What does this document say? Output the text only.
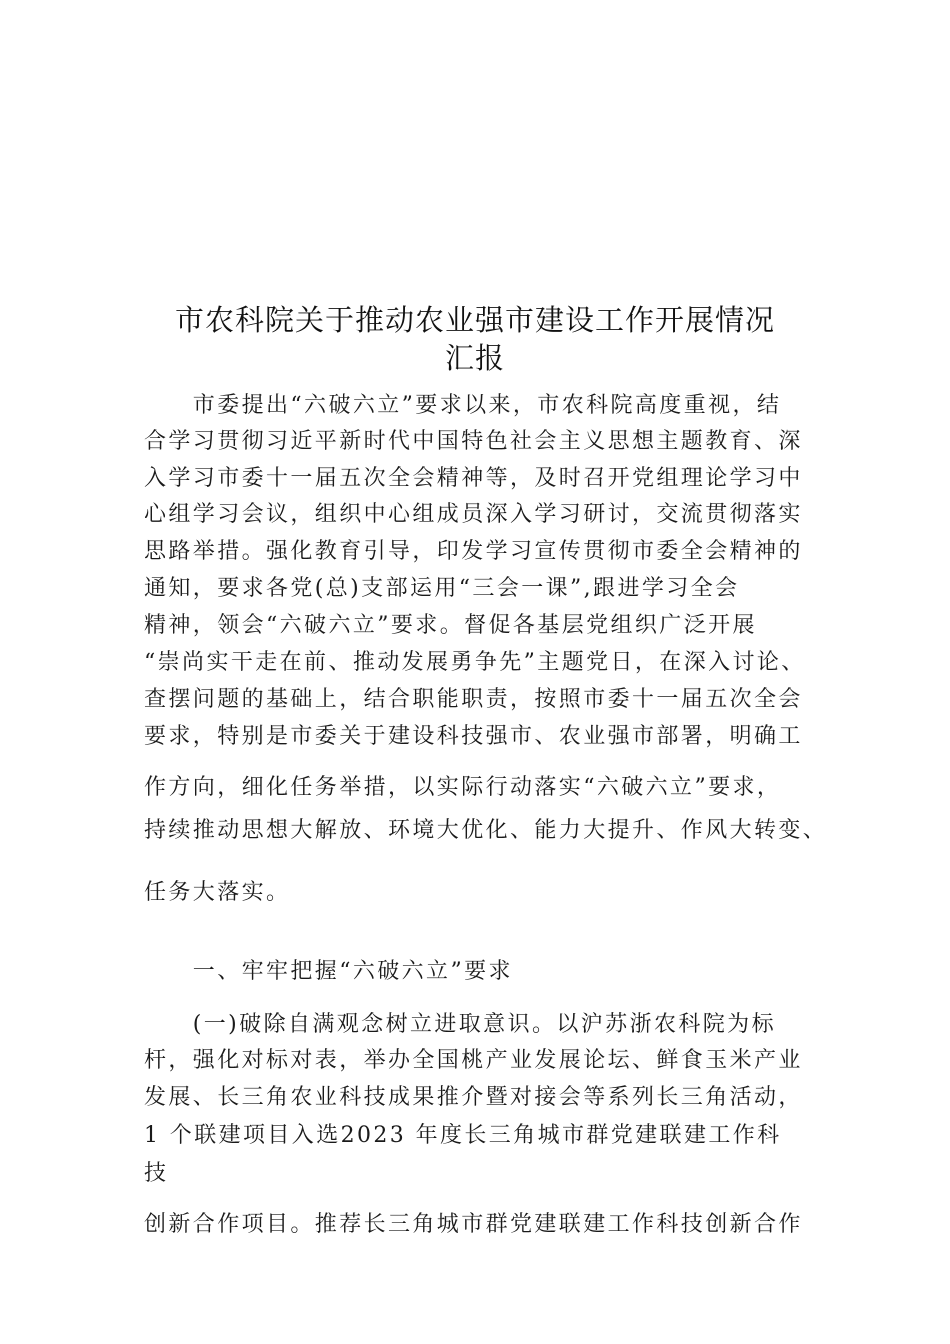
市农科院关于推动农业强市建设工作开展情况
汇报
　　市委提出“六破六立”要求以来，市农科院高度重视，结
合学习贯彻习近平新时代中国特色社会主义思想主题教育、深
入学习市委十一届五次全会精神等，及时召开党组理论学习中
心组学习会议，组织中心组成员深入学习研讨，交流贯彻落实
思路举措。强化教育引导，印发学习宣传贯彻市委全会精神的
通知，要求各党(总)支部运用“三会一课”,跟进学习全会
精神，领会“六破六立”要求。督促各基层党组织广泛开展
“崇尚实干走在前、推动发展勇争先”主题党日，在深入讨论、
查摆问题的基础上，结合职能职责，按照市委十一届五次全会
要求，特别是市委关于建设科技强市、农业强市部署，明确工
作方向，细化任务举措，以实际行动落实“六破六立”要求，
持续推动思想大解放、环境大优化、能力大提升、作风大转变、
任务大落实。
　　一、牢牢把握“六破六立”要求
　　(一)破除自满观念树立进取意识。以沪苏浙农科院为标
杆，强化对标对表，举办全国桃产业发展论坛、鲜食玉米产业
发展、长三角农业科技成果推介暨对接会等系列长三角活动，
1 个联建项目入选2023 年度长三角城市群党建联建工作科
技
创新合作项目。推荐长三角城市群党建联建工作科技创新合作
